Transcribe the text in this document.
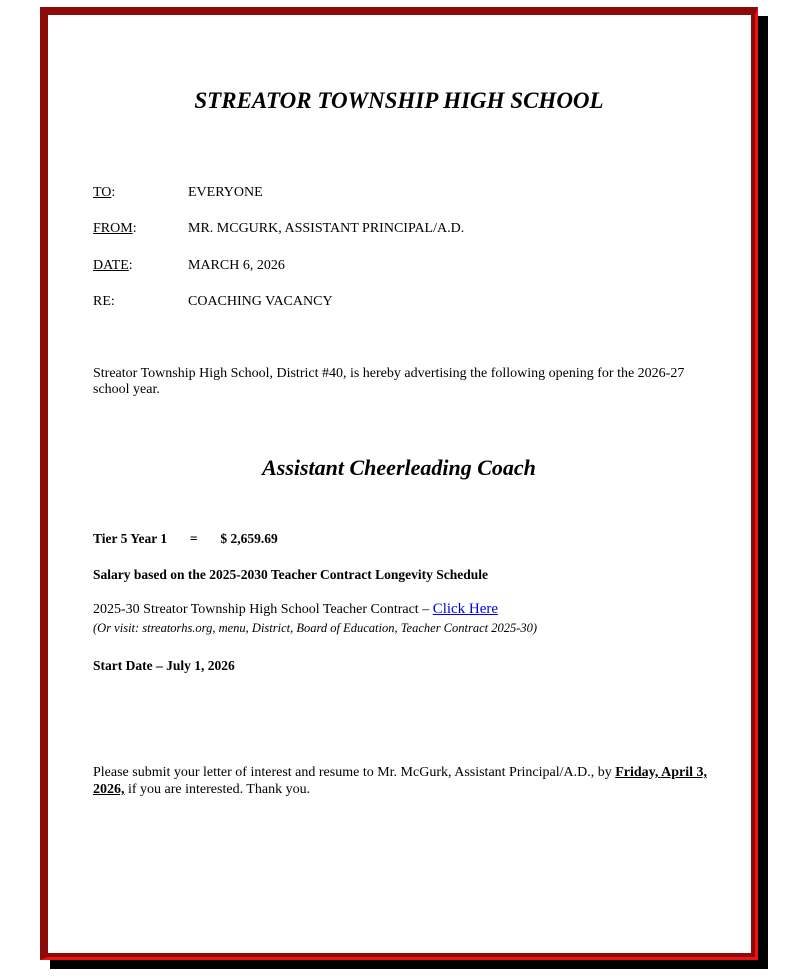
STREATOR TOWNSHIP HIGH SCHOOL
TO:	EVERYONE
FROM:	MR. MCGURK, ASSISTANT PRINCIPAL/A.D.
DATE:	MARCH 6, 2026
RE:	COACHING VACANCY
Streator Township High School, District #40, is hereby advertising the following opening for the 2026-27 school year.
Assistant Cheerleading Coach
Tier 5 Year 1 = $ 2,659.69
Salary based on the 2025-2030 Teacher Contract Longevity Schedule
2025-30 Streator Township High School Teacher Contract – Click Here
(Or visit: streatorhs.org, menu, District, Board of Education, Teacher Contract 2025-30)
Start Date – July 1, 2026
Please submit your letter of interest and resume to Mr. McGurk, Assistant Principal/A.D., by Friday, April 3, 2026, if you are interested. Thank you.
